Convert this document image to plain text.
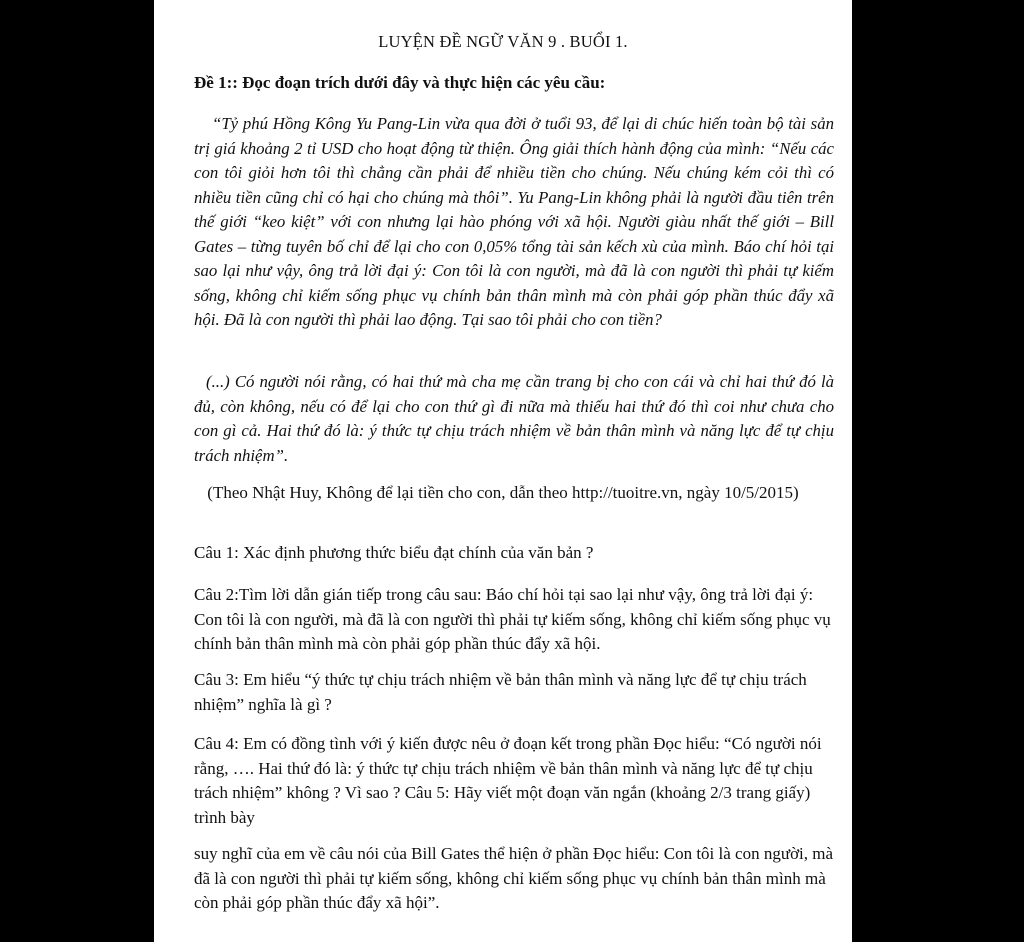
LUYỆN ĐỀ NGỮ VĂN 9 . BUỔI 1.
Đề 1:: Đọc đoạn trích dưới đây và thực hiện các yêu cầu:
“Tỷ phú Hồng Kông Yu Pang-Lin vừa qua đời ở tuổi 93, để lại di chúc hiến toàn bộ tài sản trị giá khoảng 2 tỉ USD cho hoạt động từ thiện. Ông giải thích hành động của mình: “Nếu các con tôi giỏi hơn tôi thì chẳng cần phải để nhiều tiền cho chúng. Nếu chúng kém cỏi thì có nhiều tiền cũng chỉ có hại cho chúng mà thôi”. Yu Pang-Lin không phải là người đầu tiên trên thế giới “keo kiệt” với con nhưng lại hào phóng với xã hội. Người giàu nhất thế giới – Bill Gates – từng tuyên bố chỉ để lại cho con 0,05% tổng tài sản kếch xù của mình. Báo chí hỏi tại sao lại như vậy, ông trả lời đại ý: Con tôi là con người, mà đã là con người thì phải tự kiếm sống, không chỉ kiếm sống phục vụ chính bản thân mình mà còn phải góp phần thúc đẩy xã hội. Đã là con người thì phải lao động. Tại sao tôi phải cho con tiền?
(...) Có người nói rằng, có hai thứ mà cha mẹ cần trang bị cho con cái và chỉ hai thứ đó là đủ, còn không, nếu có để lại cho con thứ gì đi nữa mà thiếu hai thứ đó thì coi như chưa cho con gì cả. Hai thứ đó là: ý thức tự chịu trách nhiệm về bản thân mình và năng lực để tự chịu trách nhiệm”.
(Theo Nhật Huy, Không để lại tiền cho con, dẫn theo http://tuoitre.vn, ngày 10/5/2015)
Câu 1: Xác định phương thức biểu đạt chính của văn bản ?
Câu 2:Tìm lời dẫn gián tiếp trong câu sau: Báo chí hỏi tại sao lại như vậy, ông trả lời đại ý: Con tôi là con người, mà đã là con người thì phải tự kiếm sống, không chỉ kiếm sống phục vụ chính bản thân mình mà còn phải góp phần thúc đẩy xã hội.
Câu 3: Em hiểu “ý thức tự chịu trách nhiệm về bản thân mình và năng lực để tự chịu trách nhiệm” nghĩa là gì ?
Câu 4: Em có đồng tình với ý kiến được nêu ở đoạn kết trong phần Đọc hiểu: “Có người nói rằng, …. Hai thứ đó là: ý thức tự chịu trách nhiệm về bản thân mình và năng lực để tự chịu trách nhiệm” không ? Vì sao ? Câu 5: Hãy viết một đoạn văn ngắn (khoảng 2/3 trang giấy) trình bày
suy nghĩ của em về câu nói của Bill Gates thể hiện ở phần Đọc hiểu: Con tôi là con người, mà đã là con người thì phải tự kiếm sống, không chỉ kiếm sống phục vụ chính bản thân mình mà còn phải góp phần thúc đẩy xã hội”.
